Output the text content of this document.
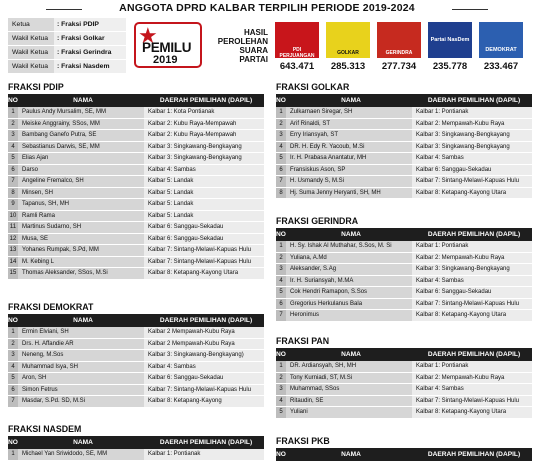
ANGGOTA DPRD KALBAR TERPILIH PERIODE 2019-2024
Ketua	: Fraksi PDIP
Wakil Ketua	: Fraksi Golkar
Wakil Ketua	: Fraksi Gerindra
Wakil Ketua	: Fraksi Nasdem
★
PEMILU
2019
HASIL
PEROLEHAN
SUARA
PARTAI
PDI PERJUANGAN
643.471
GOLKAR
285.313
GERINDRA
277.734
Partai NasDem
235.778
DEMOKRAT
233.467
FRAKSI PDIP
NO	NAMA	DAERAH PEMILIHAN (DAPIL)
1	Paulus Andy Mursalim, SE, MM	Kalbar 1: Kota Pontianak
2	Meiske Anggrainy, SSos, MM	Kalbar 2: Kubu Raya-Mempawah
3	Bambang Ganefo Putra, SE	Kalbar 2: Kubu Raya-Mempawah
4	Sebastianus Darwis, SE, MM	Kalbar 3: Singkawang-Bengkayang
5	Elias Ajan	Kalbar 3: Singkawang-Bengkayang
6	Darso	Kalbar 4: Sambas
7	Angeline Fremalco, SH	Kalbar 5: Landak
8	Minsen, SH	Kalbar 5: Landak
9	Tapanus, SH, MH	Kalbar 5: Landak
10	Ramli Rama	Kalbar 5: Landak
11	Martinus Sudarno, SH	Kalbar 6: Sanggau-Sekadau
12	Musa, SE	Kalbar 6: Sanggau-Sekadau
13	Yohanes Rumpak, S.Pd, MM	Kalbar 7: Sintang-Melawi-Kapuas Hulu
14	M. Kebing L	Kalbar 7: Sintang-Melawi-Kapuas Hulu
15	Thomas Aleksander, SSos, M.Si	Kalbar 8: Ketapang-Kayong Utara
FRAKSI DEMOKRAT
NO	NAMA	DAERAH PEMILIHAN (DAPIL)
1	Ermin Elviani, SH	Kalbar 2 Mempawah-Kubu Raya
2	Drs. H. Affandie AR	Kalbar 2 Mempawah-Kubu Raya
3	Neneng, M.Sos	Kalbar 3: Singkawang-Bengkayang)
4	Muhammad Isya, SH	Kalbar 4: Sambas
5	Aron, SH	Kalbar 6: Sanggau-Sekadau
6	Simon Fetrus	Kalbar 7: Sintang-Melawi-Kapuas Hulu
7	Masdar, S.Pd. SD, M.Si	Kalbar 8: Ketapang-Kayong
FRAKSI NASDEM
NO	NAMA	DAERAH PEMILIHAN (DAPIL)
1	Michael Yan Sriwidodo, SE, MM	Kalbar 1: Pontianak
FRAKSI GOLKAR
NO	NAMA	DAERAH PEMILIHAN (DAPIL)
1	Zulkarnaen Siregar, SH	Kalbar 1: Pontianak
2	Arif Rinaldi, ST	Kalbar 2: Mempawah-Kubu Raya
3	Erry Iriansyah, ST	Kalbar 3: Singkawang-Bengkayang
4	DR. H. Edy R. Yacoub, M.Si	Kalbar 3: Singkawang-Bengkayang
5	Ir. H. Prabasa Anantatur, MH	Kalbar 4: Sambas
6	Fransiskus Ason, SP	Kalbar 6: Sanggau-Sekadau
7	H. Usmandy S, M.Si	Kalbar 7: Sintang-Melawi-Kapuas Hulu
8	Hj. Suma Jenny Heryanti, SH, MH	Kalbar 8: Ketapang-Kayong Utara
FRAKSI GERINDRA
NO	NAMA	DAERAH PEMILIHAN (DAPIL)
1	H. Sy. Ishak Al Muthahar, S.Sos, M. Si	Kalbar 1: Pontianak
2	Yuliana, A.Md	Kalbar 2: Mempawah-Kubu Raya
3	Aleksander, S.Ag	Kalbar 3: Singkawang-Bengkayang
4	Ir. H. Suriansyah, M.MA	Kalbar 4: Sambas
5	Cok Hendri Ramapon, S.Sos	Kalbar 6: Sanggau-Sekadau
6	Gregorius Herkulanus Bala	Kalbar 7: Sintang-Melawi-Kapuas Hulu
7	Heronimus	Kalbar 8: Ketapang-Kayong Utara
FRAKSI PAN
NO	NAMA	DAERAH PEMILIHAN (DAPIL)
1	DR. Ardiansyah, SH, MH	Kalbar 1: Pontianak
2	Tony Kurniadi, ST, M.Si	Kalbar 2: Mempawah-Kubu Raya
3	Muhammad, SSos	Kalbar 4: Sambas
4	Ritaudin, SE	Kalbar 7: Sintang-Melawi-Kapuas Hulu
5	Yuliani	Kalbar 8: Ketapang-Kayong Utara
FRAKSI PKB
NO	NAMA	DAERAH PEMILIHAN (DAPIL)
